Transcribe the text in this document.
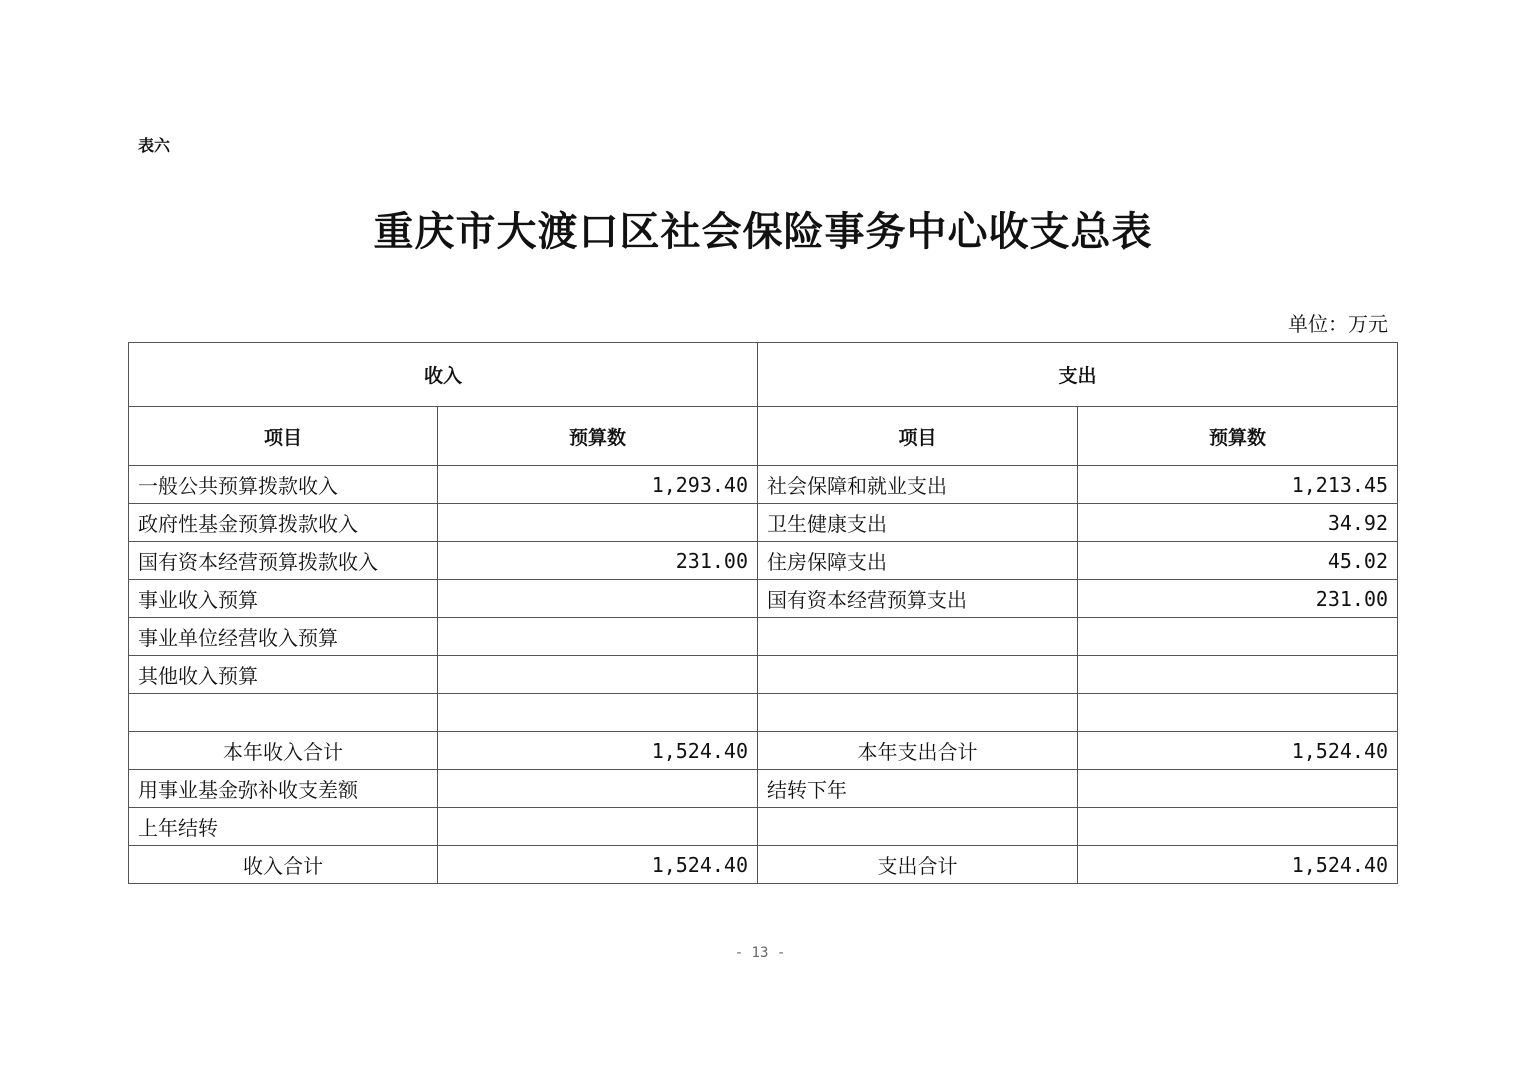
表六
重庆市大渡口区社会保险事务中心收支总表
单位：万元
收入		支出	
项目	预算数	项目	预算数
一般公共预算拨款收入	1,293.40	社会保障和就业支出	1,213.45
政府性基金预算拨款收入		卫生健康支出	34.92
国有资本经营预算拨款收入	231.00	住房保障支出	45.02
事业收入预算		国有资本经营预算支出	231.00
事业单位经营收入预算			
其他收入预算			

本年收入合计	1,524.40	本年支出合计	1,524.40
用事业基金弥补收支差额		结转下年	
上年结转			
收入合计	1,524.40	支出合计	1,524.40
- 13 -
